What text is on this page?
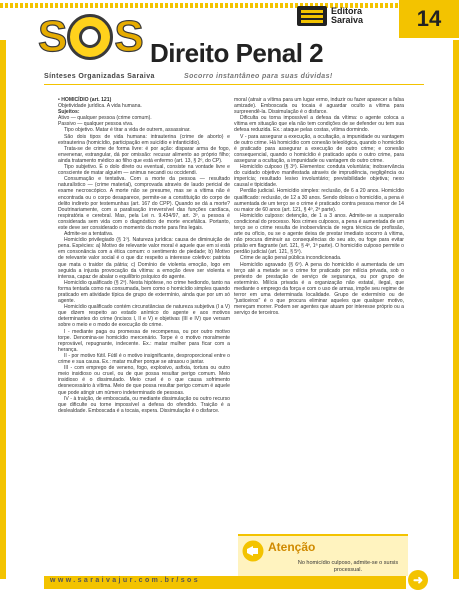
S S Direito Penal 2
Editora
Saraiva	14
Sínteses Organizadas Saraiva	Socorro instantâneo para suas dúvidas!

• HOMICÍDIO (art. 121)

Objetividade jurídica. A vida humana.

Sujeitos:

Ativo — qualquer pessoa (crime comum).

Passivo — qualquer pessoa viva.

Tipo objetivo. Matar é tirar a vida de outrem, assassinar.

São dois tipos de vida humana: intrauterina (crime de aborto) e extrauterina (homicídio, participação em suicídio e infanticídio).

Trata-se de crime de forma livre: é por ação: disparar arma de fogo, envenenar, estrangular, dá por omissão: recusar alimento ao próprio filho; ainda tratamento médico ao filho que está enfermo (art. 13, § 2º, do CP).

Tipo subjetivo. É o dolo direto ou eventual, consiste na vontade livre e consciente de matar alguém — animus necandi ou occidendi.

Consumação e tentativa. Com a morte da pessoa — resultado naturalístico — (crime material), comprovada através de laudo pericial de exame necroscópico. A morte não se presume, mas se a vítima não é encontrada ou o corpo desaparece, permite-se a constituição do corpo de delito indireto por testemunhas (art. 167 do CPP). Quando se dá a morte? Doutrinariamente, com a paralisação irreversível das funções cardíaca, respiratória e cerebral. Mas, pela Lei n. 9.434/97, art. 3º, a pessoa é considerada sem vida com o diagnóstico de morte encefálica. Portanto, este deve ser considerado o momento da morte para fins legais.

Admite-se a tentativa.

Homicídio privilegiado (§ 1º). Natureza jurídica: causa de diminuição de pena. Espécies: a) Motivo de relevante valor moral é aquele que em si está em consonância com a ética comum: o sentimento de piedade; b) Motivo de relevante valor social é o que diz respeito a interesse coletivo: patriota que mata o traidor da pátria; c) Domínio de violenta emoção, logo em seguida a injusta provocação da vítima: a emoção deve ser violenta e intensa, capaz de abalar o equilíbrio psíquico do agente.

Homicídio qualificado (§ 2º). Nesta hipótese, no crime hediondo, tanto na forma tentada como na consumada, bem como o homicídio simples quando praticado em atividade típica de grupo de extermínio, ainda que por um só agente.

Homicídio qualificado contém circunstâncias de natureza subjetiva (I a V) que dizem respeito ao estado anímico do agente e aos motivos determinantes do crime (incisos I, II e V) e objetivas (III e IV) que versam sobre o meio e o modo de execução do crime.

I - mediante paga ou promessa de recompensa, ou por outro motivo torpe. Denomina-se homicídio mercenário. Torpe é o motivo moralmente reprovável, repugnante, indecente. Ex.: matar mulher para ficar com a herança.

II - por motivo fútil. Fútil é o motivo insignificante, desproporcional entre o crime e sua causa. Ex.: matar mulher porque se atrasou o jantar.

III - com emprego de veneno, fogo, explosivo, asfixia, tortura ou outro meio insidioso ou cruel, ou de que possa resultar perigo comum. Meio insidioso é o dissimulado. Meio cruel é o que causa sofrimento desnecessário à vítima. Meio de que possa resultar perigo comum é aquele que pode atingir um número indeterminado de pessoas.

IV - à traição, de emboscada, ou mediante dissimulação ou outro recurso que dificulte ou torne impossível a defesa do ofendido. Traição é a deslealdade. Emboscada é a tocaia, espera. Dissimulação é o disfarce.

moral (atrair a vítima para um lugar ermo, induzir ou fazer aparecer a falsa amizade). Emboscada ou tocaia é aguardar oculto a vítima para surpreendê-la. Dissimulação é o disfarce.

Dificulta ou torna impossível a defesa da vítima: o agente coloca a vítima em situação que ela não tem condições de se defender ou tem sua defesa reduzida. Ex.: ataque pelas costas, vítima dormindo.

V - para assegurar a execução, a ocultação, a impunidade ou vantagem de outro crime. Há homicídio com conexão teleológica, quando o homicídio é praticado para assegurar a execução de outro crime; e conexão consequencial, quando o homicídio é praticado após o outro crime, para assegurar a ocultação, a impunidade ou vantagem do outro crime.

Homicídio culposo (§ 3º). Elementos: conduta voluntária; inobservância do cuidado objetivo manifestada através de imprudência, negligência ou imperícia; resultado lesivo involuntário; previsibilidade objetiva; nexo causal e tipicidade.

Perdão judicial. Homicídio simples: reclusão, de 6 a 20 anos. Homicídio qualificado: reclusão, de 12 a 30 anos. Sendo doloso o homicídio, a pena é aumentada de um terço se o crime é praticado contra pessoa menor de 14 ou maior de 60 anos (art. 121, § 4º, 2ª parte).

Homicídio culposo: detenção, de 1 a 3 anos. Admite-se a suspensão condicional do processo. Nos crimes culposos, a pena é aumentada de um terço se o crime resulta de inobservância de regra técnica de profissão, arte ou ofício, ou se o agente deixa de prestar imediato socorro à vítima, não procura diminuir as consequências do seu ato, ou foge para evitar prisão em flagrante (art. 121, § 4º, 1ª parte). O homicídio culposo permite o perdão judicial (art. 121, § 5º).

Crime de ação penal pública incondicionada.

Homicídio agravado (§ 6º). A pena do homicídio é aumentada de um terço até a metade se o crime for praticado por milícia privada, sob o pretexto de prestação de serviço de segurança, ou por grupo de extermínio. Milícia privada é a organização não estatal, ilegal, que mediante o emprego da força e com o uso de armas, impõe seu regime de terror em uma determinada localidade. Grupo de extermínio ou de "justiceiros" é o que procura eliminar aqueles que qualquer motivo, mereçam morrer. Podem ser agentes que atuam por interesse próprio ou a serviço de terceiros.

Atenção
No homicídio culposo, admite-se o sursis processual.
www.saraivajur.com.br/sos	➜
